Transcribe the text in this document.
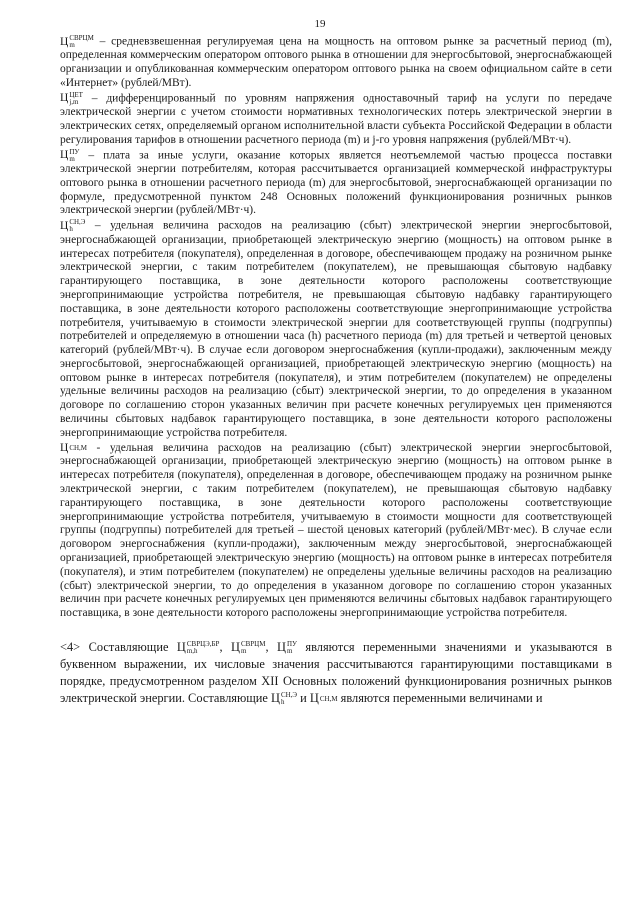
19

Ц СВРЦМ
m	– средневзвешенная регулируемая цена на мощность на оптовом рынке за расчетный период (m), определенная коммерческим оператором оптового рынка в отношении для энергосбытовой, энергоснабжающей организации и опубликованная коммерческим оператором оптового рынка на своем официальном сайте в сети «Интернет» (рублей/МВт).

Ц ЦЕТ
j,m – дифференцированный по уровням напряжения одноставочный тариф на услуги по передаче электрической энергии с учетом стоимости нормативных технологических потерь электрической энергии в электрических сетях, определяемый органом исполнительной власти субъекта Российской Федерации в области регулирования тарифов в отношении расчетного периода (m) и j-го уровня напряжения (рублей/МВт·ч).

Ц ПУ
m – плата за иные услуги, оказание которых является неотъемлемой частью процесса поставки электрической энергии потребителям, которая рассчитывается организацией коммерческой инфраструктуры оптового рынка в отношении расчетного периода (m) для энергосбытовой, энергоснабжающей организации по формуле, предусмотренной пунктом 248 Основных положений функционирования розничных рынков электрической энергии (рублей/МВт·ч).

Ц СН,Э
h	– удельная величина расходов на реализацию (сбыт) электрической энергии энергосбытовой, энергоснабжающей организации, приобретающей электрическую энергию (мощность) на оптовом рынке в интересах потребителя (покупателя), определенная в договоре, обеспечивающем продажу на розничном рынке электрической энергии, с таким потребителем (покупателем), не превышающая сбытовую надбавку гарантирующего поставщика, в зоне деятельности которого расположены соответствующие энергопринимающие устройства потребителя, не превышающая сбытовую надбавку гарантирующего поставщика, в зоне деятельности которого расположены соответствующие энергопринимающие устройства потребителя, учитываемую в стоимости электрической энергии для соответствующей группы (подгруппы) потребителей и определяемую в отношении часа (h) расчетного периода (m) для третьей и четвертой ценовых категорий (рублей/МВт·ч). В случае если договором энергоснабжения (купли-продажи), заключенным между энергосбытовой, энергоснабжающей организацией, приобретающей электрическую энергию (мощность) на оптовом рынке в интересах потребителя (покупателя), и этим потребителем (покупателем) не определены удельные величины расходов на реализацию (сбыт) электрической энергии, то до определения в указанном договоре по соглашению сторон указанных величин при расчете конечных регулируемых цен применяются величины сбытовых надбавок гарантирующего поставщика, в зоне деятельности которого расположены энергопринимающие устройства потребителя.

Ц СН,М - удельная величина расходов на реализацию (сбыт) электрической энергии энергосбытовой, энергоснабжающей организации, приобретающей электрическую энергию (мощность) на оптовом рынке в интересах потребителя (покупателя), определенная в договоре, обеспечивающем продажу на розничном рынке электрической энергии, с таким потребителем (покупателем), не превышающая сбытовую надбавку гарантирующего поставщика, в зоне деятельности которого расположены соответствующие энергопринимающие устройства потребителя, учитываемую в стоимости мощности для соответствующей группы (подгруппы) потребителей для третьей – шестой ценовых категорий (рублей/МВт·мес). В случае если договором энергоснабжения (купли-продажи), заключенным между энергосбытовой, энергоснабжающей организацией, приобретающей электрическую энергию (мощность) на оптовом рынке в интересах потребителя (покупателя), и этим потребителем (покупателем) не определены удельные величины расходов на реализацию (сбыт) электрической энергии, то до определения в указанном договоре по соглашению сторон указанных величин при расчете конечных регулируемых цен применяются величины сбытовых надбавок гарантирующего поставщика, в зоне деятельности которого расположены энергопринимающие устройства потребителя.

<4> Составляющие Ц СВРЦЭ,БР
m,h	, Ц СВРЦМ
m	, Ц ПУ
m являются переменными значениями и указываются в буквенном выражении, их числовые значения рассчитываются гарантирующими поставщиками в порядке, предусмотренном разделом XII Основных положений функционирования розничных рынков электрической энергии. Составляющие Ц СН,Э
h	и Ц СН,М являются переменными величинами и
